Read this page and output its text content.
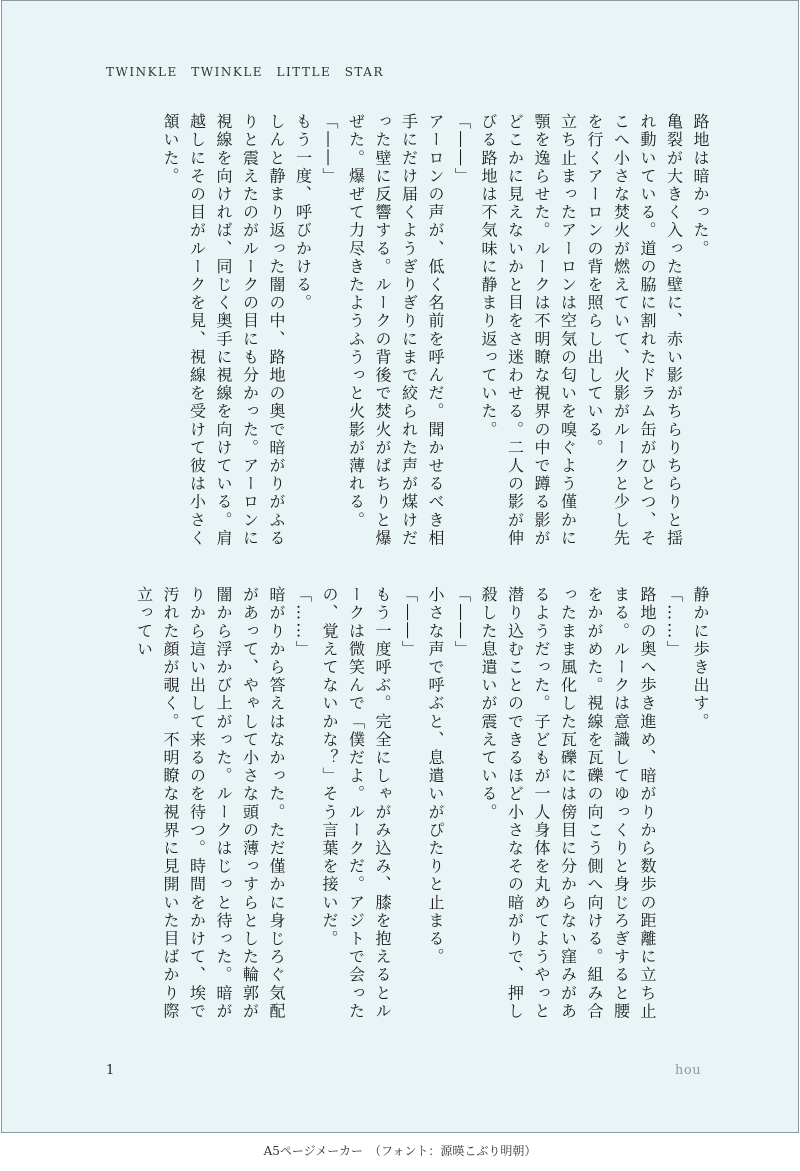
TWINKLE　TWINKLE　LITTLE　STAR

路地は暗かった。

亀裂が大きく入った壁に、赤い影がちらりちらりと揺れ動いている。道の脇に割れたドラム缶がひとつ、そこへ小さな焚火が燃えていて、火影がルークと少し先を行くアーロンの背を照らし出している。

立ち止まったアーロンは空気の匂いを嗅ぐよう僅かに顎を逸らせた。ルークは不明瞭な視界の中で蹲る影がどこかに見えないかと目をさ迷わせる。二人の影が伸びる路地は不気味に静まり返っていた。

「――」

アーロンの声が、低く名前を呼んだ。聞かせるべき相手にだけ届くようぎりぎりにまで絞られた声が煤けだった壁に反響する。ルークの背後で焚火がぱちりと爆ぜた。爆ぜて力尽きたようふうっと火影が薄れる。

「――」

もう一度、呼びかける。

しんと静まり返った闇の中、路地の奥で暗がりがふるりと震えたのがルークの目にも分かった。アーロンに視線を向ければ、同じく奥手に視線を向けている。肩越しにその目がルークを見、視線を受けて彼は小さく頷いた。

静かに歩き出す。

「……」

路地の奥へ歩き進め、暗がりから数歩の距離に立ち止まる。ルークは意識してゆっくりと身じろぎすると腰をかがめた。視線を瓦礫の向こう側へ向ける。組み合ったまま風化した瓦礫には傍目に分からない窪みがあるようだった。子どもが一人身体を丸めてようやっと潜り込むことのできるほど小さなその暗がりで、押し殺した息遣いが震えている。

「――」

小さな声で呼ぶと、息遣いがぴたりと止まる。

「――」

もう一度呼ぶ。完全にしゃがみ込み、膝を抱えるとルークは微笑んで「僕だよ。ルークだ。アジトで会ったの、覚えてないかな？」そう言葉を接いだ。

「……」

暗がりから答えはなかった。ただ僅かに身じろぐ気配があって、やゃして小さな頭の薄っすらとした輪郭が闇から浮かび上がった。ルークはじっと待った。暗がりから這い出して来るのを待つ。時間をかけて、埃で汚れた顔が覗く。不明瞭な視界に見開いた目ばかり際立ってい

1	hou
A5ページメーカー　（フォント：源暎こぶり明朝）
